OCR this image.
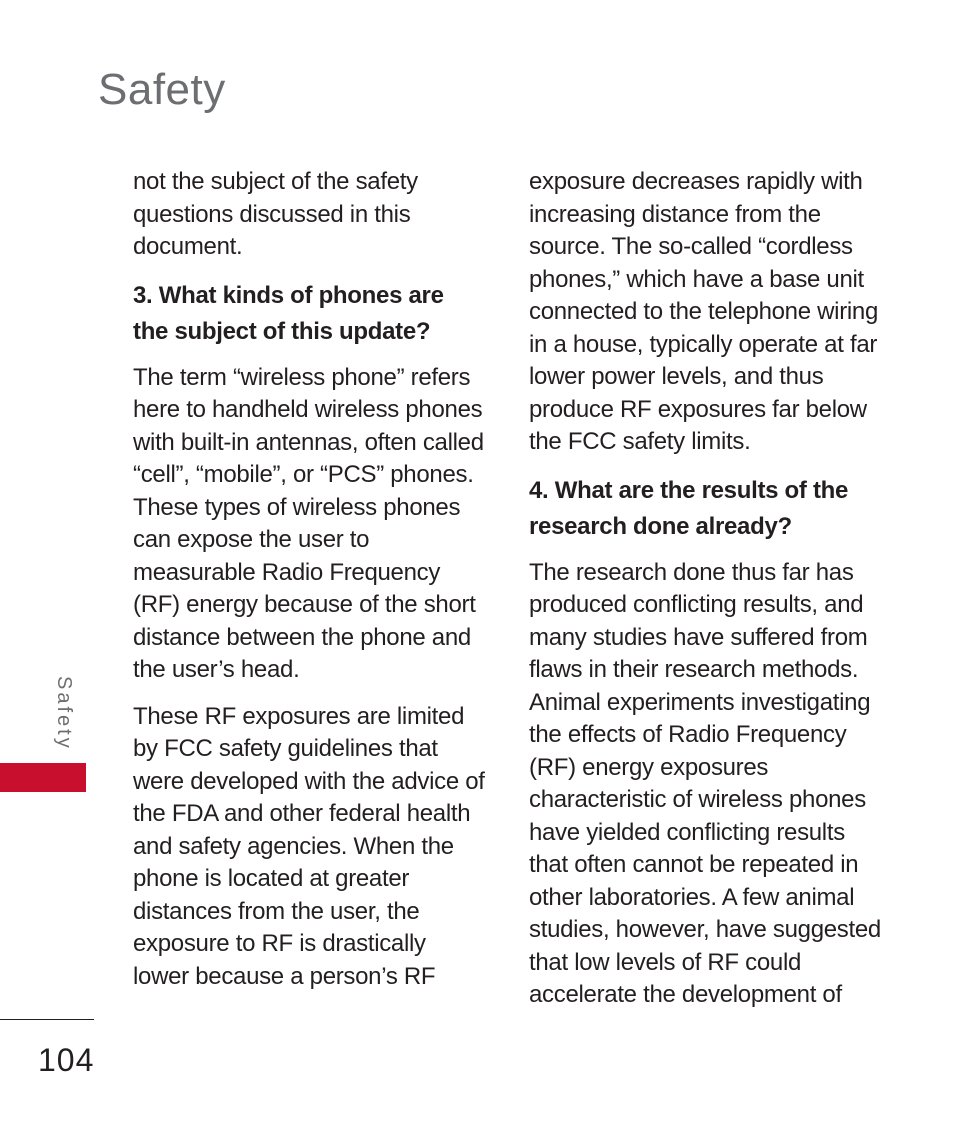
Safety

not the subject of the safety questions discussed in this document.

3. What kinds of phones are the subject of this update?

The term “wireless phone” refers here to handheld wireless phones with built-in antennas, often called “cell”, “mobile”, or “PCS” phones. These types of wireless phones can expose the user to measurable Radio Frequency (RF) energy because of the short distance between the phone and the user’s head.

These RF exposures are limited by FCC safety guidelines that were developed with the advice of the FDA and other federal health and safety agencies. When the phone is located at greater distances from the user, the exposure to RF is drastically lower because a person’s RF

exposure decreases rapidly with increasing distance from the source. The so-called “cordless phones,” which have a base unit connected to the telephone wiring in a house, typically operate at far lower power levels, and thus produce RF exposures far below the FCC safety limits.

4. What are the results of the research done already?

The research done thus far has produced conflicting results, and many studies have suffered from flaws in their research methods. Animal experiments investigating the effects of Radio Frequency (RF) energy exposures characteristic of wireless phones have yielded conflicting results that often cannot be repeated in other laboratories. A few animal studies, however, have suggested that low levels of RF could accelerate the development of

Safety
104
